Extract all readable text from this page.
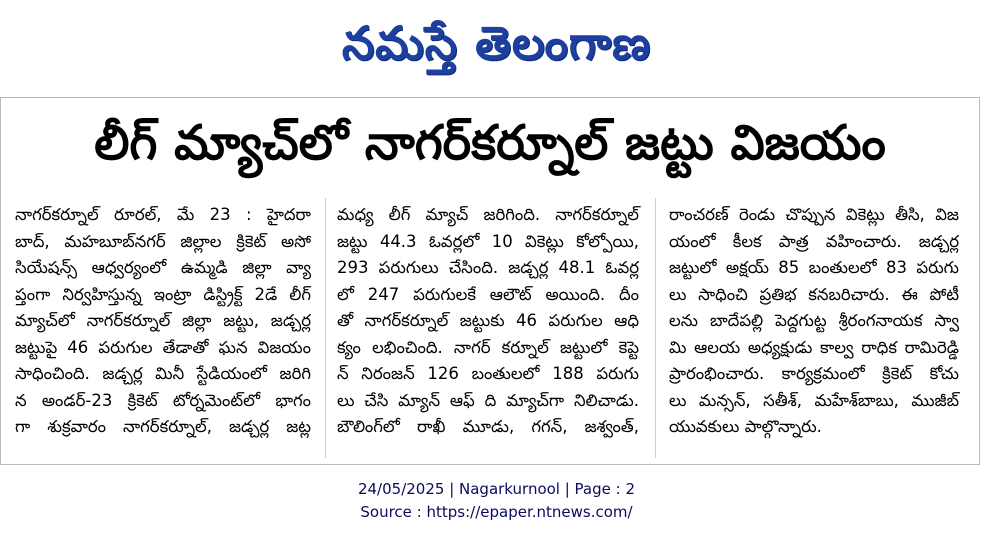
నమస్తే తెలంగాణ
లీగ్ మ్యాచ్‌లో నాగర్‌కర్నూల్ జట్టు విజయం

నాగర్‌కర్నూల్ రూరల్, మే 23 : హైదరా

బాద్, మహబూబ్‌నగర్ జిల్లాల క్రికెట్ అసో

సియేషన్స్ ఆధ్వర్యంలో ఉమ్మడి జిల్లా వ్యా

ప్తంగా నిర్వహిస్తున్న ఇంట్రా డిస్ట్రిక్ట్ 2డే లీగ్

మ్యాచ్‌లో నాగర్‌కర్నూల్ జిల్లా జట్టు, జడ్చర్ల

జట్టుపై 46 పరుగుల తేడాతో ఘన విజయం

సాధించింది. జడ్చర్ల మినీ స్టేడియంలో జరిగి

న అండర్-23 క్రికెట్ టోర్నమెంట్‌లో భాగం

గా శుక్రవారం నాగర్‌కర్నూల్, జడ్చర్ల జట్ల

మధ్య లీగ్ మ్యాచ్ జరిగింది. నాగర్‌కర్నూల్

జట్టు 44.3 ఓవర్లలో 10 వికెట్లు కోల్పోయి,

293 పరుగులు చేసింది. జడ్చర్ల 48.1 ఓవర్ల

లో 247 పరుగులకే ఆలౌట్ అయింది. దీం

తో నాగర్‌కర్నూల్ జట్టుకు 46 పరుగుల ఆధి

క్యం లభించింది. నాగర్ కర్నూల్ జట్టులో కెప్టె

న్ నిరంజన్ 126 బంతులలో 188 పరుగు

లు చేసి మ్యాన్ ఆఫ్ ది మ్యాచ్‌గా నిలిచాడు.

బౌలింగ్‌లో రాఖీ మూడు, గగన్, జశ్వంత్,

రాంచరణ్ రెండు చొప్పున వికెట్లు తీసి, విజ

యంలో కీలక పాత్ర వహించారు. జడ్చర్ల

జట్టులో అక్షయ్ 85 బంతులలో 83 పరుగు

లు సాధించి ప్రతిభ కనబరిచారు. ఈ పోటీ

లను బాదేపల్లి పెద్దగుట్ట శ్రీరంగనాయక స్వా

మి ఆలయ అధ్యక్షుడు కాల్వ రాధిక రామిరెడ్డి

ప్రారంభించారు. కార్యక్రమంలో క్రికెట్ కోచు

లు మన్సన్, సతీశ్, మహేశ్‌బాబు, ముజీబ్

యువకులు పాల్గొన్నారు.

24/05/2025 | Nagarkurnool | Page : 2
Source : https://epaper.ntnews.com/
